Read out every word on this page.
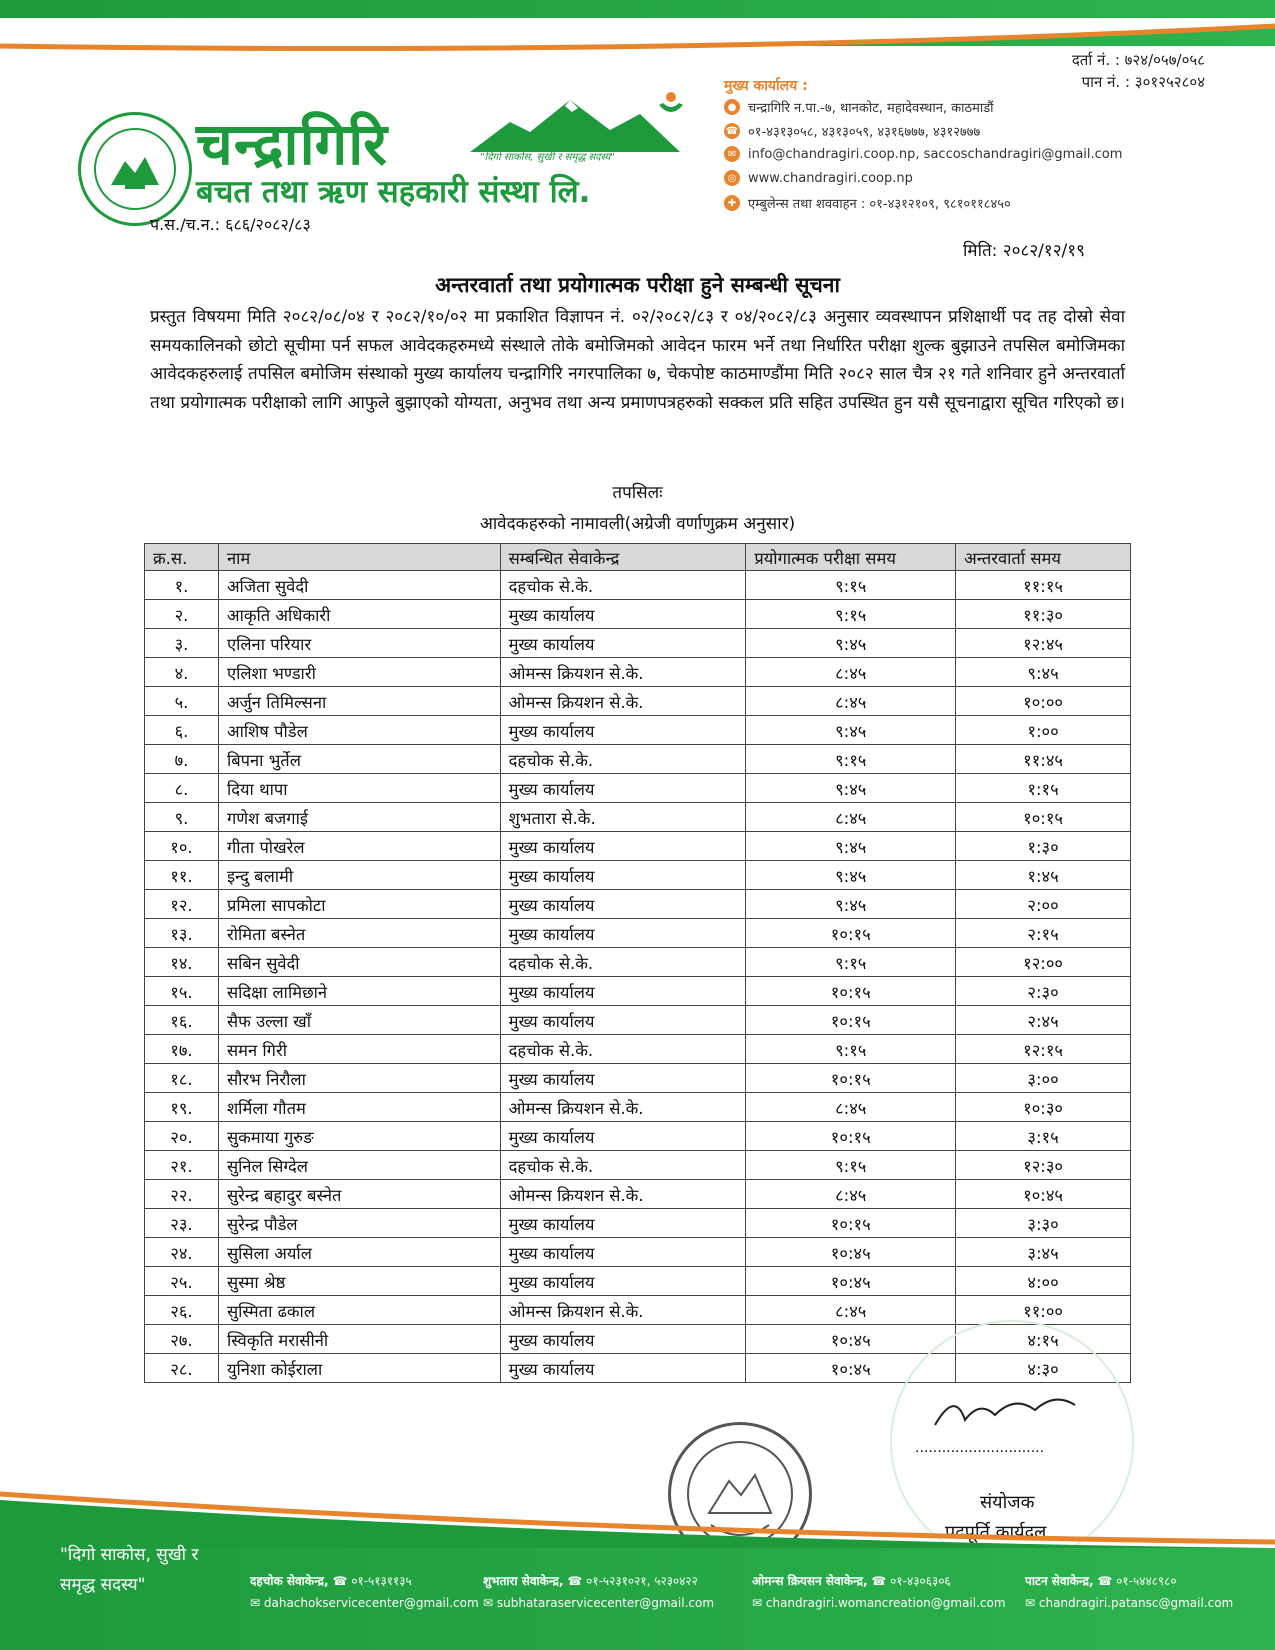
दर्ता नं. : ७२४/०५७/०५८
पान नं. : ३०१२५२८०४
चन्द्रागिरि	"दिगो साकोस, सुखी र समृद्ध सदस्य"
बचत तथा ऋण सहकारी संस्था लि.
मुख्य कार्यालय :
● चन्द्रागिरि न.पा.-७, थानकोट, महादेवस्थान, काठमाडौं
☎ ०१-४३१३०५८, ४३१३०५९, ४३१६७७७, ४३१२७७७
✉ info@chandragiri.coop.np, saccoschandragiri@gmail.com
◎ www.chandragiri.coop.np
✚ एम्बुलेन्स तथा शववाहन : ०१-४३१२१०९, ९८१०११८४५०
प.स./च.न.: ६८६/२०८२/८३
मिति: २०८२/१२/१९
अन्तरवार्ता तथा प्रयोगात्मक परीक्षा हुने सम्बन्धी सूचना
प्रस्तुत विषयमा मिति २०८२/०८/०४ र २०८२/१०/०२ मा प्रकाशित विज्ञापन नं. ०२/२०८२/८३ र ०४/२०८२/८३ अनुसार व्यवस्थापन प्रशिक्षार्थी पद तह दोस्रो सेवा समयकालिनको छोटो सूचीमा पर्न सफल आवेदकहरुमध्ये संस्थाले तोके बमोजिमको आवेदन फारम भर्ने तथा निर्धारित परीक्षा शुल्क बुझाउने तपसिल बमोजिमका आवेदकहरुलाई तपसिल बमोजिम संस्थाको मुख्य कार्यालय चन्द्रागिरि नगरपालिका ७, चेकपोष्ट काठमाण्डौंमा मिति २०८२ साल चैत्र २१ गते शनिवार हुने अन्तरवार्ता तथा प्रयोगात्मक परीक्षाको लागि आफुले बुझाएको योग्यता, अनुभव तथा अन्य प्रमाणपत्रहरुको सक्कल प्रति सहित उपस्थित हुन यसै सूचनाद्वारा सूचित गरिएको छ।
तपसिलः
आवेदकहरुको नामावली(अग्रेजी वर्णाणुक्रम अनुसार)
क्र.स.	नाम	सम्बन्धित सेवाकेन्द्र	प्रयोगात्मक परीक्षा समय	अन्तरवार्ता समय
१.	अजिता सुवेदी	दहचोक से.के.	९:१५	११:१५
२.	आकृति अधिकारी	मुख्य कार्यालय	९:१५	११:३०
३.	एलिना परियार	मुख्य कार्यालय	९:४५	१२:४५
४.	एलिशा भण्डारी	ओमन्स क्रियशन से.के.	८:४५	९:४५
५.	अर्जुन तिमिल्सना	ओमन्स क्रियशन से.के.	८:४५	१०:००
६.	आशिष पौडेल	मुख्य कार्यालय	९:४५	१:००
७.	बिपना भुर्तेल	दहचोक से.के.	९:१५	११:४५
८.	दिया थापा	मुख्य कार्यालय	९:४५	१:१५
९.	गणेश बजगाई	शुभतारा से.के.	८:४५	१०:१५
१०.	गीता पोखरेल	मुख्य कार्यालय	९:४५	१:३०
११.	इन्दु बलामी	मुख्य कार्यालय	९:४५	१:४५
१२.	प्रमिला सापकोटा	मुख्य कार्यालय	९:४५	२:००
१३.	रोमिता बस्नेत	मुख्य कार्यालय	१०:१५	२:१५
१४.	सबिन सुवेदी	दहचोक से.के.	९:१५	१२:००
१५.	सदिक्षा लामिछाने	मुख्य कार्यालय	१०:१५	२:३०
१६.	सैफ उल्ला खाँ	मुख्य कार्यालय	१०:१५	२:४५
१७.	समन गिरी	दहचोक से.के.	९:१५	१२:१५
१८.	सौरभ निरौला	मुख्य कार्यालय	१०:१५	३:००
१९.	शर्मिला गौतम	ओमन्स क्रियशन से.के.	८:४५	१०:३०
२०.	सुकमाया गुरुङ	मुख्य कार्यालय	१०:१५	३:१५
२१.	सुनिल सिग्देल	दहचोक से.के.	९:१५	१२:३०
२२.	सुरेन्द्र बहादुर बस्नेत	ओमन्स क्रियशन से.के.	८:४५	१०:४५
२३.	सुरेन्द्र पौडेल	मुख्य कार्यालय	१०:१५	३:३०
२४.	सुसिला अर्याल	मुख्य कार्यालय	१०:४५	३:४५
२५.	सुस्मा श्रेष्ठ	मुख्य कार्यालय	१०:४५	४:००
२६.	सुस्मिता ढकाल	ओमन्स क्रियशन से.के.	८:४५	११:००
२७.	स्विकृति मरासीनी	मुख्य कार्यालय	१०:४५	४:१५
२८.	युनिशा कोईराला	मुख्य कार्यालय	१०:४५	४:३०
.............................
संयोजक
पदपूर्ति कार्यदल
"दिगो साकोस, सुखी र समृद्ध सदस्य"	दहचोक सेवाकेन्द्र, ☎ ०१-५१३११३५
✉ dahachokservicecenter@gmail.com
शुभतारा सेवाकेन्द्र, ☎ ०१-५२३१०२१, ५२३०४२२
✉ subhataraservicecenter@gmail.com
ओमन्स क्रियसन सेवाकेन्द्र, ☎ ०१-४३०६३०६
✉ chandragiri.womancreation@gmail.com
पाटन सेवाकेन्द्र, ☎ ०१-५४४८९८०
✉ chandragiri.patansc@gmail.com
